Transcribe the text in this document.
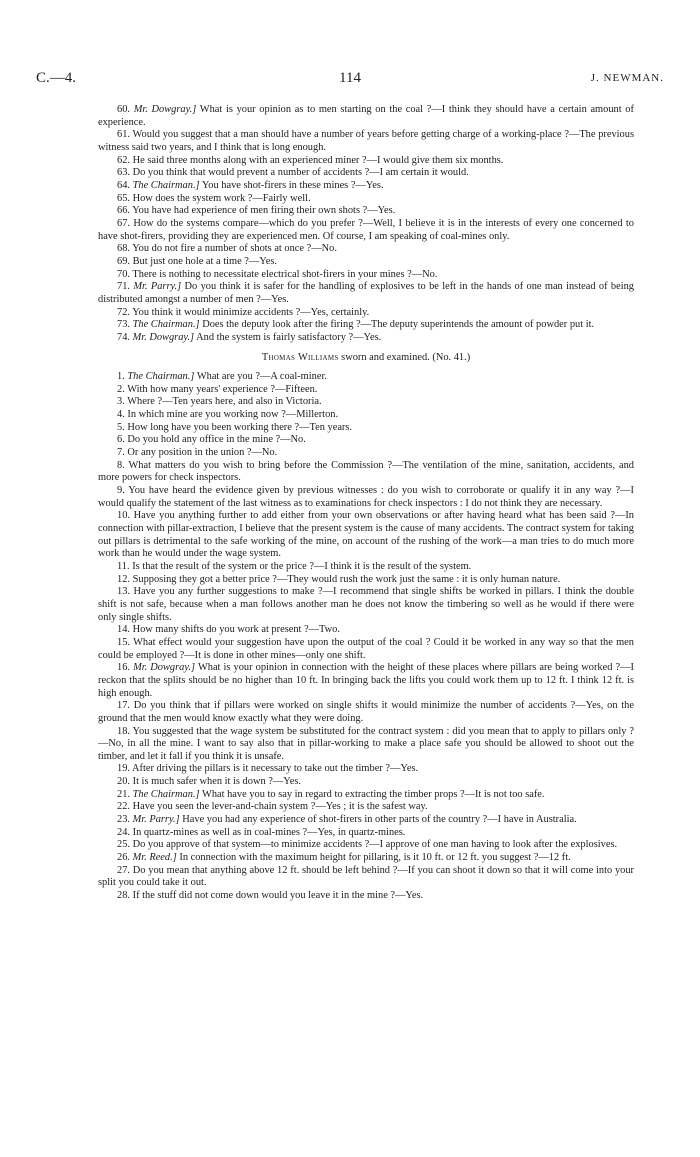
C.—4.	114	J. NEWMAN.

60. Mr. Dowgray.] What is your opinion as to men starting on the coal ?—I think they should have a certain amount of experience.

61. Would you suggest that a man should have a number of years before getting charge of a working-place ?—The previous witness said two years, and I think that is long enough.

62. He said three months along with an experienced miner ?—I would give them six months.

63. Do you think that would prevent a number of accidents ?—I am certain it would.

64. The Chairman.] You have shot-firers in these mines ?—Yes.

65. How does the system work ?—Fairly well.

66. You have had experience of men firing their own shots ?—Yes.

67. How do the systems compare—which do you prefer ?—Well, I believe it is in the interests of every one concerned to have shot-firers, providing they are experienced men. Of course, I am speaking of coal-mines only.

68. You do not fire a number of shots at once ?—No.

69. But just one hole at a time ?—Yes.

70. There is nothing to necessitate electrical shot-firers in your mines ?—No.

71. Mr. Parry.] Do you think it is safer for the handling of explosives to be left in the hands of one man instead of being distributed amongst a number of men ?—Yes.

72. You think it would minimize accidents ?—Yes, certainly.

73. The Chairman.] Does the deputy look after the firing ?—The deputy superintends the amount of powder put it.

74. Mr. Dowgray.] And the system is fairly satisfactory ?—Yes.

Thomas Williams sworn and examined. (No. 41.)

1. The Chairman.] What are you ?—A coal-miner.

2. With how many years' experience ?—Fifteen.

3. Where ?—Ten years here, and also in Victoria.

4. In which mine are you working now ?—Millerton.

5. How long have you been working there ?—Ten years.

6. Do you hold any office in the mine ?—No.

7. Or any position in the union ?—No.

8. What matters do you wish to bring before the Commission ?—The ventilation of the mine, sanitation, accidents, and more powers for check inspectors.

9. You have heard the evidence given by previous witnesses : do you wish to corroborate or qualify it in any way ?—I would qualify the statement of the last witness as to examinations for check inspectors : I do not think they are necessary.

10. Have you anything further to add either from your own observations or after having heard what has been said ?—In connection with pillar-extraction, I believe that the present system is the cause of many accidents. The contract system for taking out pillars is detrimental to the safe working of the mine, on account of the rushing of the work—a man tries to do much more work than he would under the wage system.

11. Is that the result of the system or the price ?—I think it is the result of the system.

12. Supposing they got a better price ?—They would rush the work just the same : it is only human nature.

13. Have you any further suggestions to make ?—I recommend that single shifts be worked in pillars. I think the double shift is not safe, because when a man follows another man he does not know the timbering so well as he would if there were only single shifts.

14. How many shifts do you work at present ?—Two.

15. What effect would your suggestion have upon the output of the coal ? Could it be worked in any way so that the men could be employed ?—It is done in other mines—only one shift.

16. Mr. Dowgray.] What is your opinion in connection with the height of these places where pillars are being worked ?—I reckon that the splits should be no higher than 10 ft. In bringing back the lifts you could work them up to 12 ft. I think 12 ft. is high enough.

17. Do you think that if pillars were worked on single shifts it would minimize the number of accidents ?—Yes, on the ground that the men would know exactly what they were doing.

18. You suggested that the wage system be substituted for the contract system : did you mean that to apply to pillars only ?—No, in all the mine. I want to say also that in pillar-working to make a place safe you should be allowed to shoot out the timber, and let it fall if you think it is unsafe.

19. After driving the pillars is it necessary to take out the timber ?—Yes.

20. It is much safer when it is down ?—Yes.

21. The Chairman.] What have you to say in regard to extracting the timber props ?—It is not too safe.

22. Have you seen the lever-and-chain system ?—Yes ; it is the safest way.

23. Mr. Parry.] Have you had any experience of shot-firers in other parts of the country ?—I have in Australia.

24. In quartz-mines as well as in coal-mines ?—Yes, in quartz-mines.

25. Do you approve of that system—to minimize accidents ?—I approve of one man having to look after the explosives.

26. Mr. Reed.] In connection with the maximum height for pillaring, is it 10 ft. or 12 ft. you suggest ?—12 ft.

27. Do you mean that anything above 12 ft. should be left behind ?—If you can shoot it down so that it will come into your split you could take it out.

28. If the stuff did not come down would you leave it in the mine ?—Yes.
